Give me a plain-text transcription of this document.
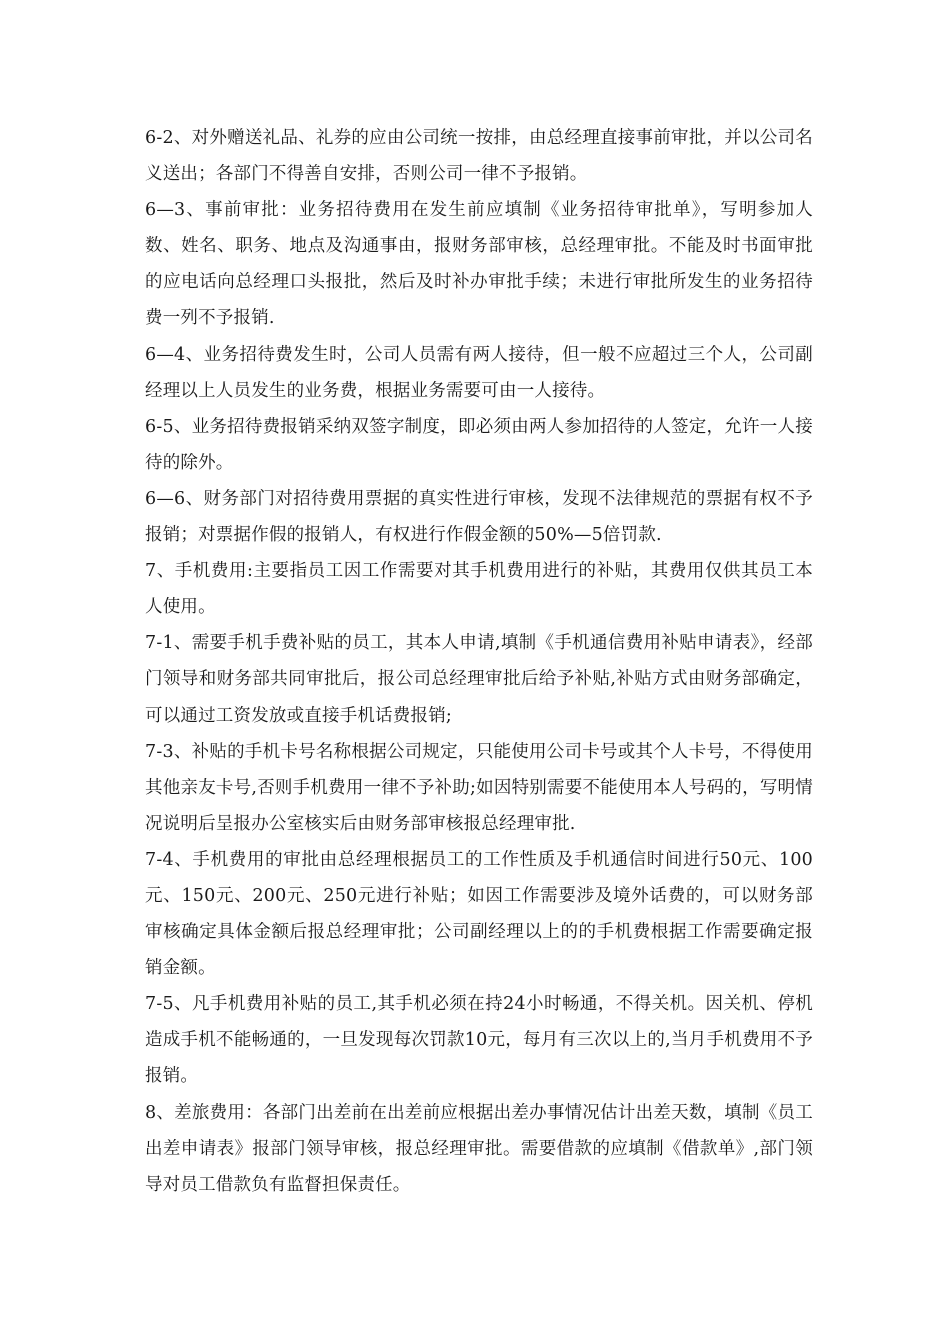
6-2、对外赠送礼品、礼券的应由公司统一按排，由总经理直接事前审批，并以公司名义送出；各部门不得善自安排，否则公司一律不予报销。

6—3、事前审批：业务招待费用在发生前应填制《业务招待审批单》，写明参加人数、姓名、职务、地点及沟通事由，报财务部审核，总经理审批。不能及时书面审批的应电话向总经理口头报批，然后及时补办审批手续；未进行审批所发生的业务招待费一列不予报销.

6—4、业务招待费发生时，公司人员需有两人接待，但一般不应超过三个人，公司副经理以上人员发生的业务费，根据业务需要可由一人接待。

6-5、业务招待费报销采纳双签字制度，即必须由两人参加招待的人签定，允许一人接待的除外。

6—6、财务部门对招待费用票据的真实性进行审核，发现不法律规范的票据有权不予报销；对票据作假的报销人，有权进行作假金额的50%—5倍罚款.

7、手机费用:主要指员工因工作需要对其手机费用进行的补贴，其费用仅供其员工本人使用。

7-1、需要手机手费补贴的员工，其本人申请,填制《手机通信费用补贴申请表》，经部门领导和财务部共同审批后，报公司总经理审批后给予补贴,补贴方式由财务部确定，可以通过工资发放或直接手机话费报销;

7-3、补贴的手机卡号名称根据公司规定，只能使用公司卡号或其个人卡号，不得使用其他亲友卡号,否则手机费用一律不予补助;如因特别需要不能使用本人号码的，写明情况说明后呈报办公室核实后由财务部审核报总经理审批.

7-4、手机费用的审批由总经理根据员工的工作性质及手机通信时间进行50元、100元、150元、200元、250元进行补贴；如因工作需要涉及境外话费的，可以财务部审核确定具体金额后报总经理审批；公司副经理以上的的手机费根据工作需要确定报销金额。

7-5、凡手机费用补贴的员工,其手机必须在持24小时畅通，不得关机。因关机、停机造成手机不能畅通的，一旦发现每次罚款10元，每月有三次以上的,当月手机费用不予报销。

8、差旅费用：各部门出差前在出差前应根据出差办事情况估计出差天数，填制《员工出差申请表》报部门领导审核，报总经理审批。需要借款的应填制《借款单》,部门领导对员工借款负有监督担保责任。
